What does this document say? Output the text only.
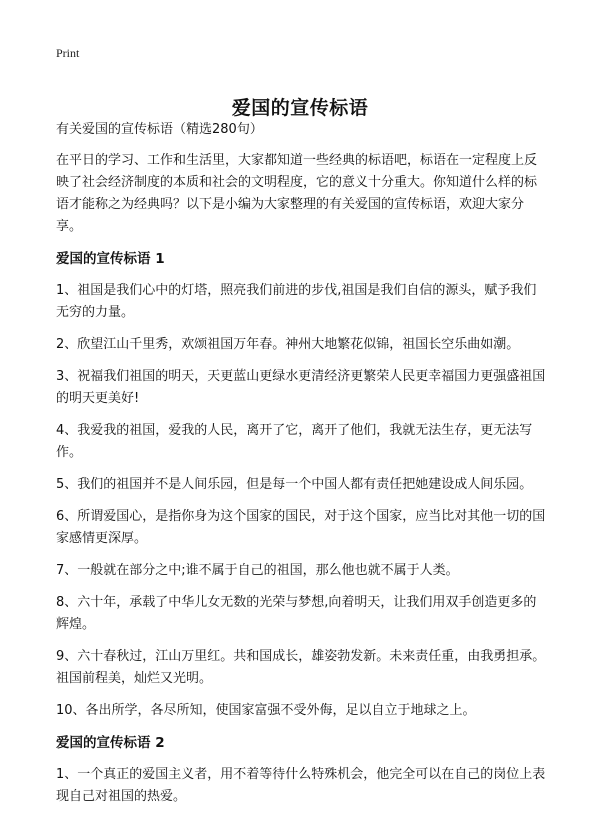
Print
爱国的宣传标语

有关爱国的宣传标语（精选280句）

在平日的学习、工作和生活里，大家都知道一些经典的标语吧，标语在一定程度上反映了社会经济制度的本质和社会的文明程度，它的意义十分重大。你知道什么样的标语才能称之为经典吗？以下是小编为大家整理的有关爱国的宣传标语，欢迎大家分享。

爱国的宣传标语 1
1、祖国是我们心中的灯塔，照亮我们前进的步伐,祖国是我们自信的源头，赋予我们无穷的力量。
2、欣望江山千里秀，欢颂祖国万年春。神州大地繁花似锦，祖国长空乐曲如潮。
3、祝福我们祖国的明天，天更蓝山更绿水更清经济更繁荣人民更幸福国力更强盛祖国的明天更美好!
4、我爱我的祖国，爱我的人民，离开了它，离开了他们，我就无法生存，更无法写作。
5、我们的祖国并不是人间乐园，但是每一个中国人都有责任把她建设成人间乐园。
6、所谓爱国心，是指你身为这个国家的国民，对于这个国家，应当比对其他一切的国家感情更深厚。
7、一般就在部分之中;谁不属于自己的祖国，那么他也就不属于人类。
8、六十年，承载了中华儿女无数的光荣与梦想,向着明天，让我们用双手创造更多的辉煌。
9、六十春秋过，江山万里红。共和国成长，雄姿勃发新。未来责任重，由我勇担承。祖国前程美，灿烂又光明。
10、各出所学，各尽所知，使国家富强不受外侮，足以自立于地球之上。
爱国的宣传标语 2
1、一个真正的爱国主义者，用不着等待什么特殊机会，他完全可以在自己的岗位上表现自己对祖国的热爱。
